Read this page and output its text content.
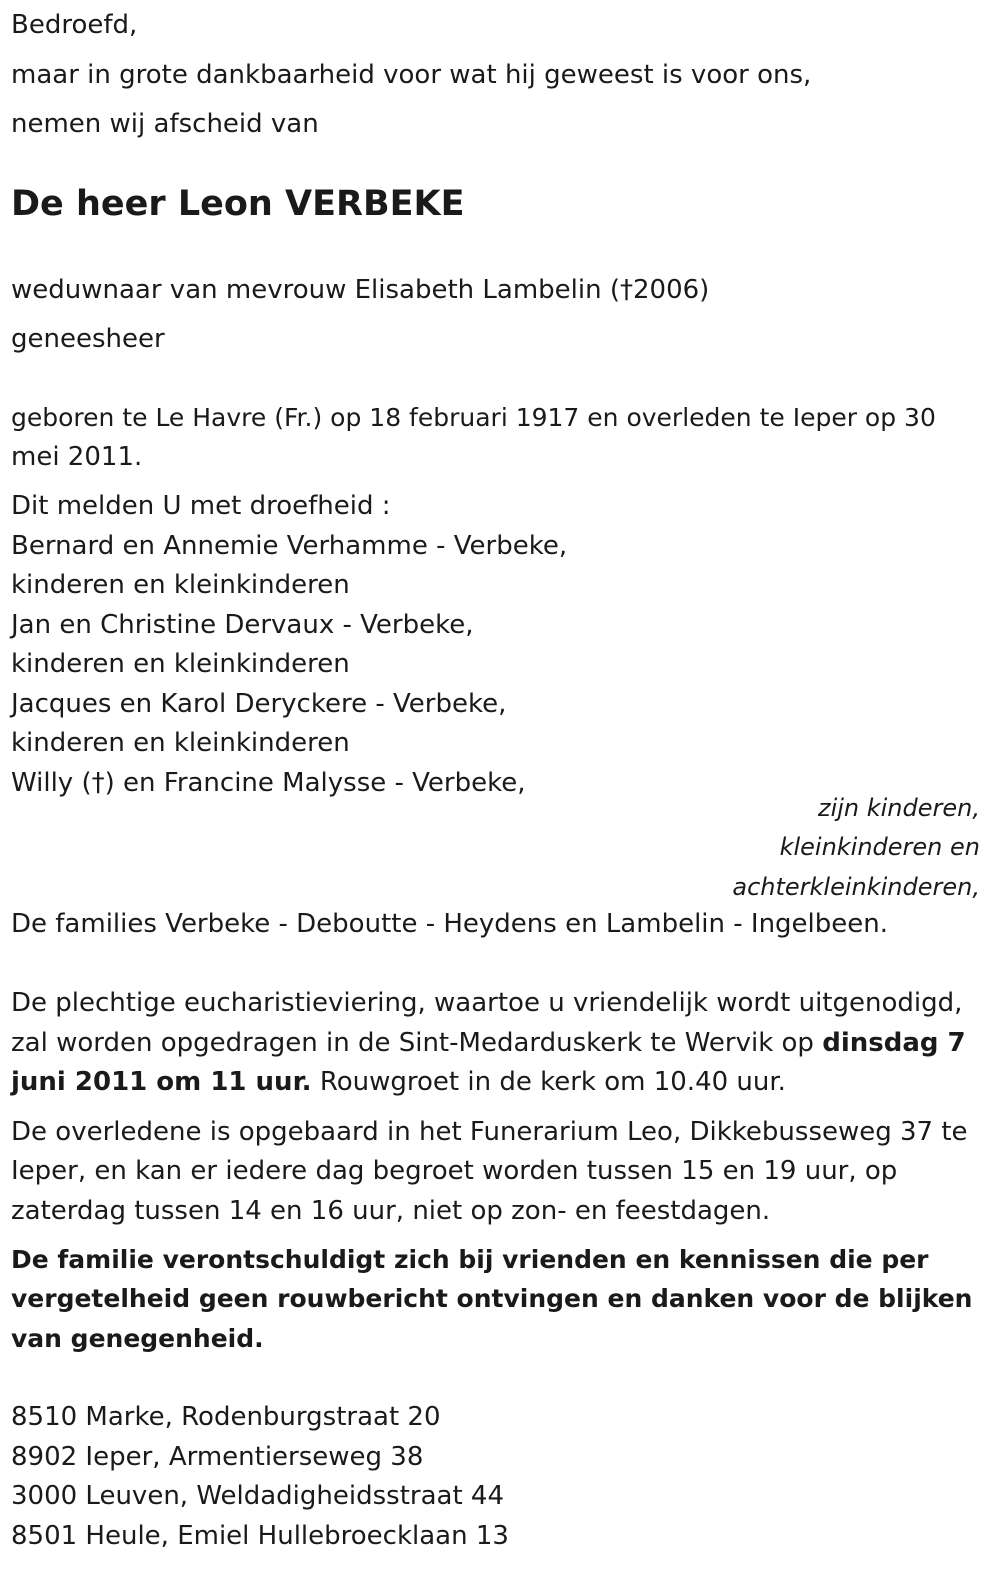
Bedroefd,

maar in grote dankbaarheid voor wat hij geweest is voor ons,

nemen wij afscheid van

De heer Leon VERBEKE

weduwnaar van mevrouw Elisabeth Lambelin (†2006)

geneesheer

geboren te Le Havre (Fr.) op 18 februari 1917 en overleden te Ieper op 30

mei 2011.

Dit melden U met droefheid :

Bernard en Annemie Verhamme - Verbeke,

kinderen en kleinkinderen

Jan en Christine Dervaux - Verbeke,

kinderen en kleinkinderen

Jacques en Karol Deryckere - Verbeke,

kinderen en kleinkinderen

Willy (†) en Francine Malysse - Verbeke,

zijn kinderen,

kleinkinderen en

achterkleinkinderen,

De families Verbeke - Deboutte - Heydens en Lambelin - Ingelbeen.

De plechtige eucharistieviering, waartoe u vriendelijk wordt uitgenodigd,

zal worden opgedragen in de Sint-Medarduskerk te Wervik op dinsdag 7

juni 2011 om 11 uur. Rouwgroet in de kerk om 10.40 uur.

De overledene is opgebaard in het Funerarium Leo, Dikkebusseweg 37 te

Ieper, en kan er iedere dag begroet worden tussen 15 en 19 uur, op

zaterdag tussen 14 en 16 uur, niet op zon- en feestdagen.

De familie verontschuldigt zich bij vrienden en kennissen die per

vergetelheid geen rouwbericht ontvingen en danken voor de blijken

van genegenheid.

8510 Marke, Rodenburgstraat 20

8902 Ieper, Armentierseweg 38

3000 Leuven, Weldadigheidsstraat 44

8501 Heule, Emiel Hullebroecklaan 13
